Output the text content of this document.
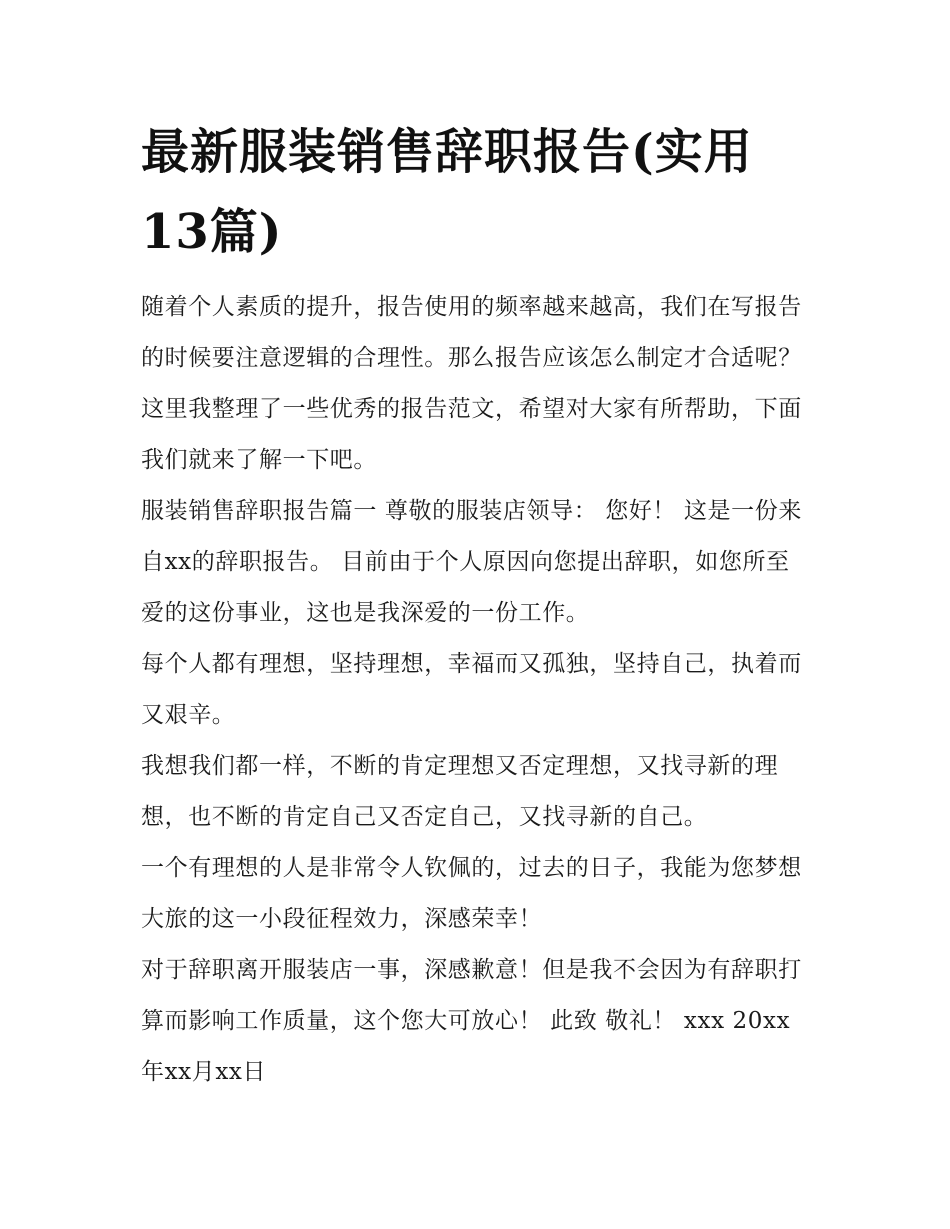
最新服装销售辞职报告(实用13篇)

随着个人素质的提升，报告使用的频率越来越高，我们在写报告的时候要注意逻辑的合理性。那么报告应该怎么制定才合适呢？这里我整理了一些优秀的报告范文，希望对大家有所帮助，下面我们就来了解一下吧。

服装销售辞职报告篇一 尊敬的服装店领导： 您好！ 这是一份来自xx的辞职报告。 目前由于个人原因向您提出辞职，如您所至爱的这份事业，这也是我深爱的一份工作。

每个人都有理想，坚持理想，幸福而又孤独，坚持自己，执着而又艰辛。

我想我们都一样，不断的肯定理想又否定理想，又找寻新的理想，也不断的肯定自己又否定自己，又找寻新的自己。

一个有理想的人是非常令人钦佩的，过去的日子，我能为您梦想大旅的这一小段征程效力，深感荣幸！

对于辞职离开服装店一事，深感歉意！但是我不会因为有辞职打算而影响工作质量，这个您大可放心！ 此致 敬礼！ xxx 20xx年xx月xx日
